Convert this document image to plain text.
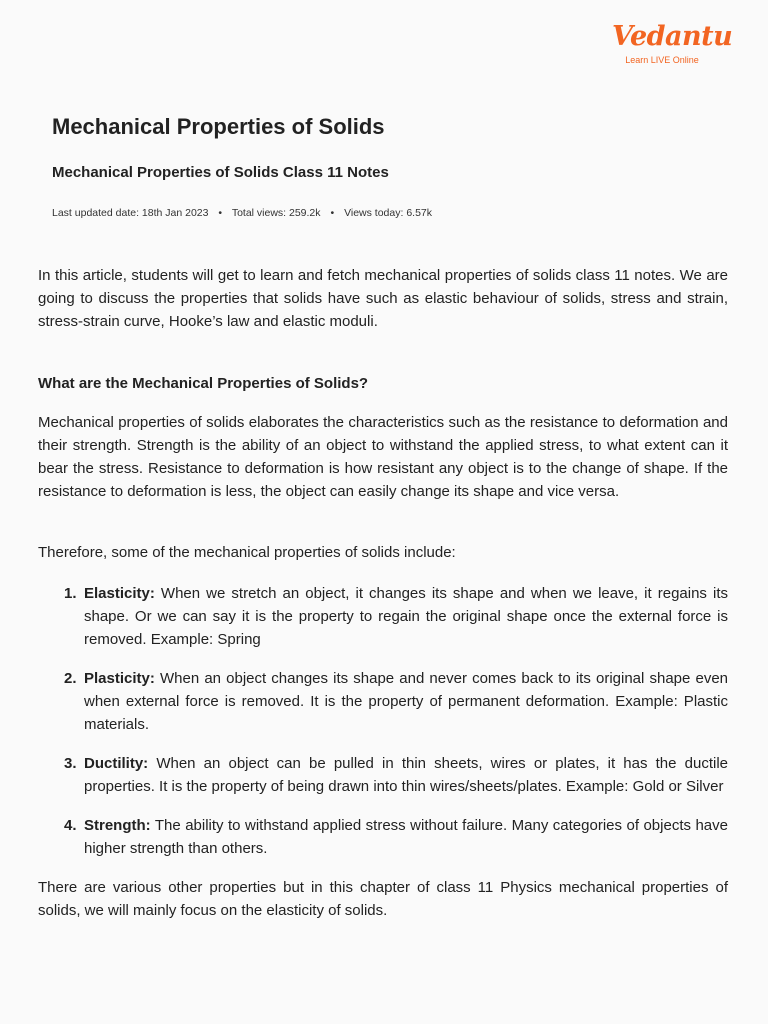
Vedantu
Learn LIVE Online
Mechanical Properties of Solids
Mechanical Properties of Solids Class 11 Notes
Last updated date: 18th Jan 2023 • Total views: 259.2k • Views today: 6.57k

In this article, students will get to learn and fetch mechanical properties of solids class 11 notes. We are going to discuss the properties that solids have such as elastic behaviour of solids, stress and strain, stress-strain curve, Hooke’s law and elastic moduli.

What are the Mechanical Properties of Solids?

Mechanical properties of solids elaborates the characteristics such as the resistance to deformation and their strength. Strength is the ability of an object to withstand the applied stress, to what extent can it bear the stress. Resistance to deformation is how resistant any object is to the change of shape. If the resistance to deformation is less, the object can easily change its shape and vice versa.

Therefore, some of the mechanical properties of solids include:

1. Elasticity: When we stretch an object, it changes its shape and when we leave, it regains its shape. Or we can say it is the property to regain the original shape once the external force is removed. Example: Spring
2. Plasticity: When an object changes its shape and never comes back to its original shape even when external force is removed. It is the property of permanent deformation. Example: Plastic materials.
3. Ductility: When an object can be pulled in thin sheets, wires or plates, it has the ductile properties. It is the property of being drawn into thin wires/sheets/plates. Example: Gold or Silver
4. Strength: The ability to withstand applied stress without failure. Many categories of objects have higher strength than others.

There are various other properties but in this chapter of class 11 Physics mechanical properties of solids, we will mainly focus on the elasticity of solids.
